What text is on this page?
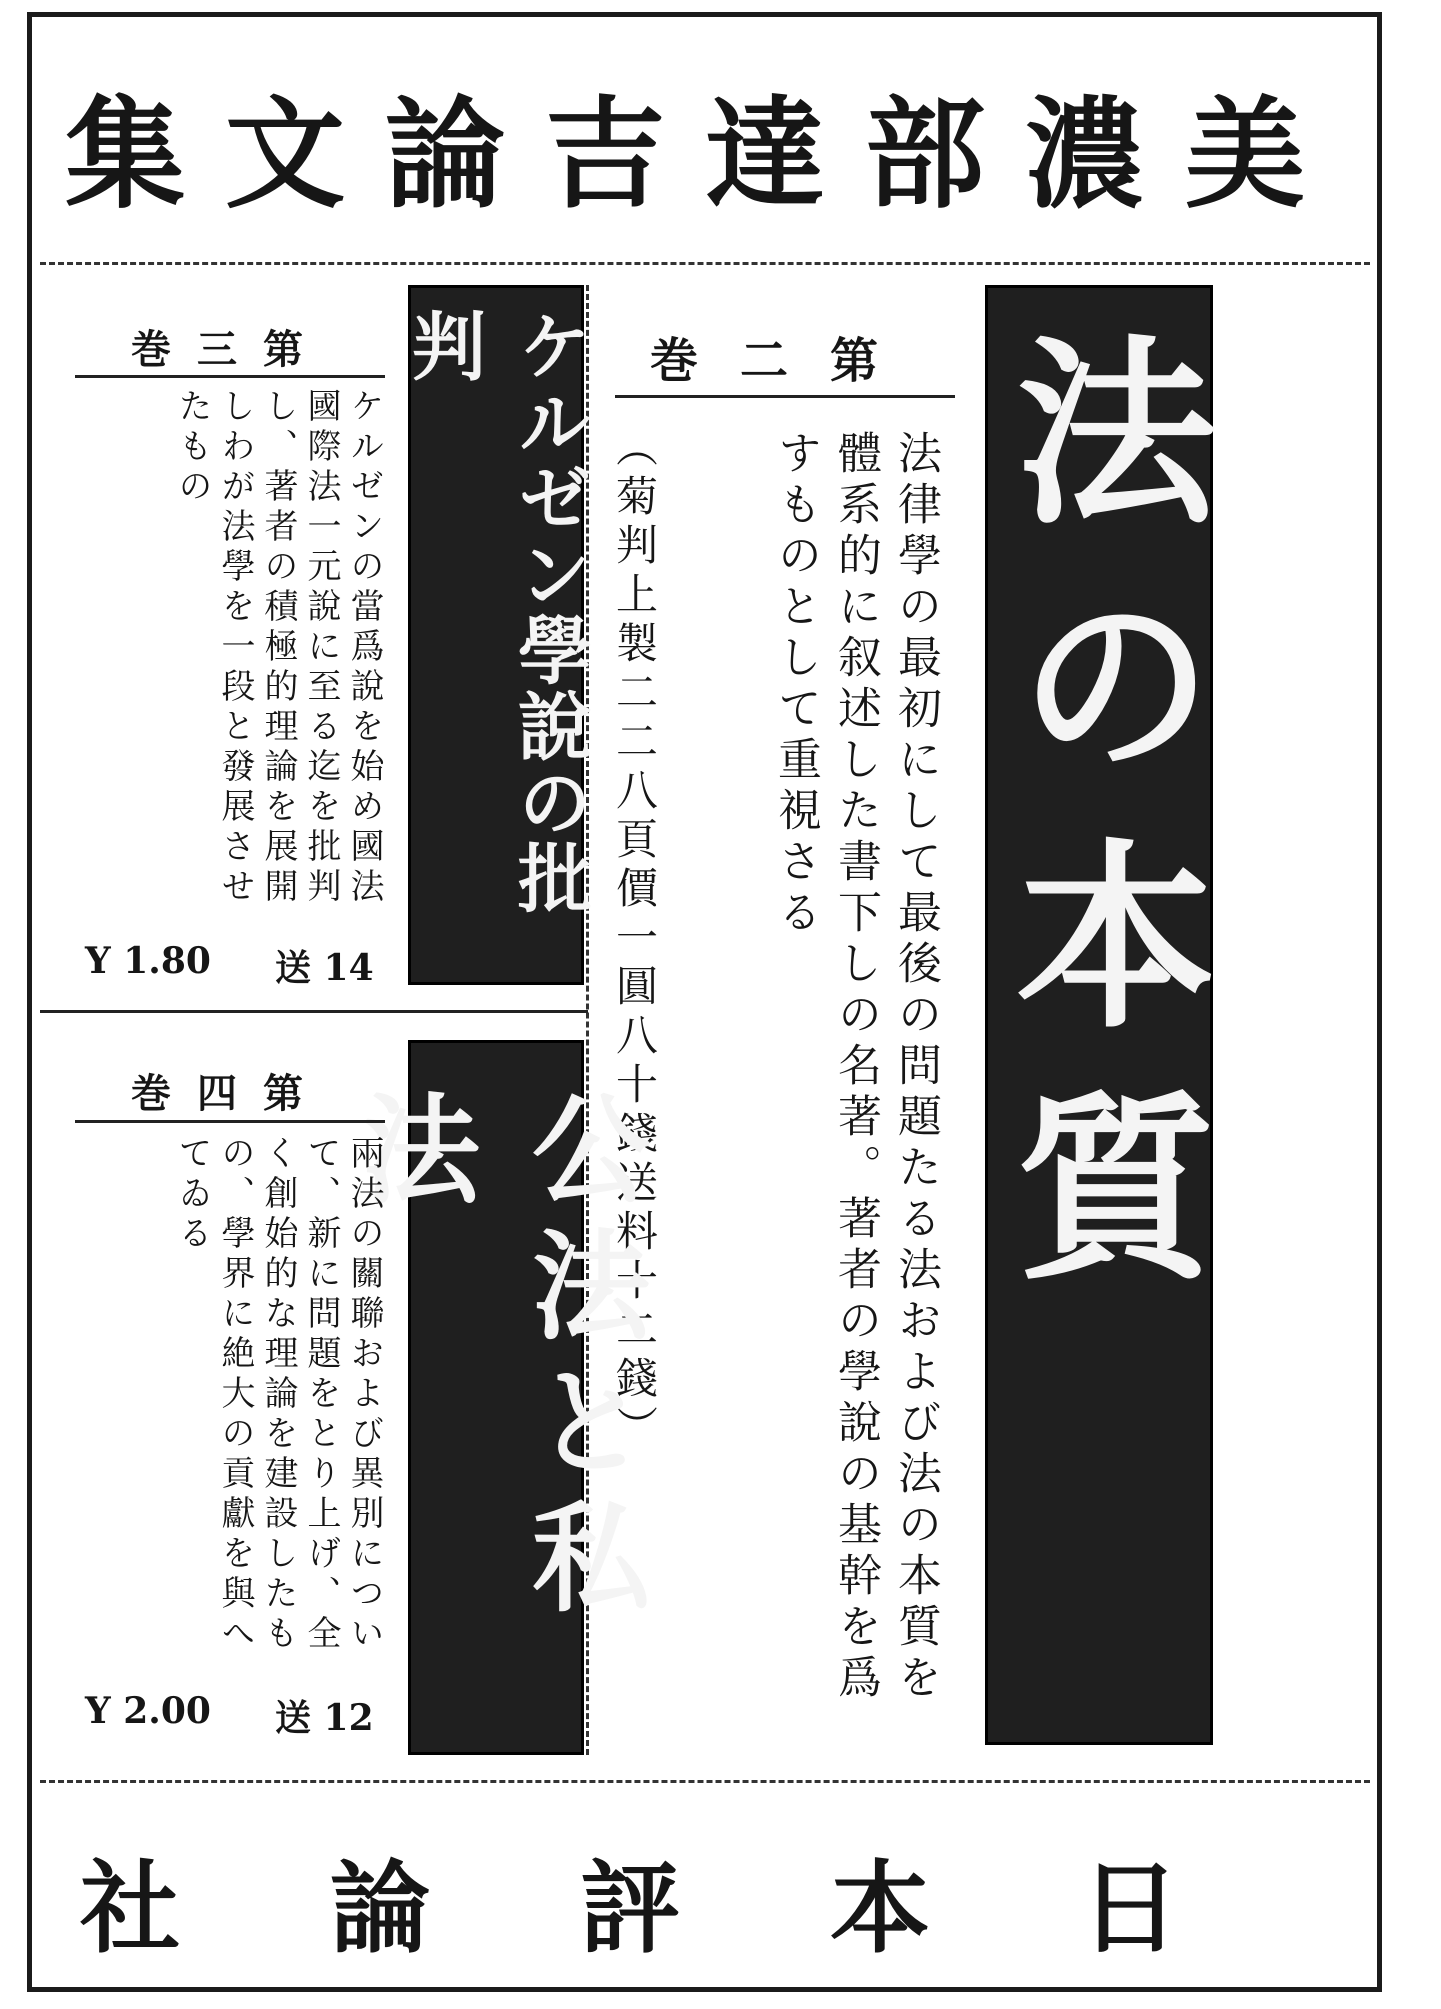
美濃部達吉論文集
法の本質
第二巻
法律學の最初にして最後の問題たる法および法の本質を體系的に叙述した書下しの名著。著者の學說の基幹を爲すものとして重視さる
（菊判上製二二八頁價一圓八十錢送料十二錢）
ケルゼン學說の批判
第三巻
ケルゼンの當爲說を始め國法國際法一元說に至る迄を批判し、著者の積極的理論を展開しわが法學を一段と發展させたもの
Y 1.80 送 14
公法と私法
第四巻
兩法の關聯および異別について、新に問題をとり上げ、全く創始的な理論を建設したもの、學界に絶大の貢獻を與へてゐる
Y 2.00 送 12
日本評論社
